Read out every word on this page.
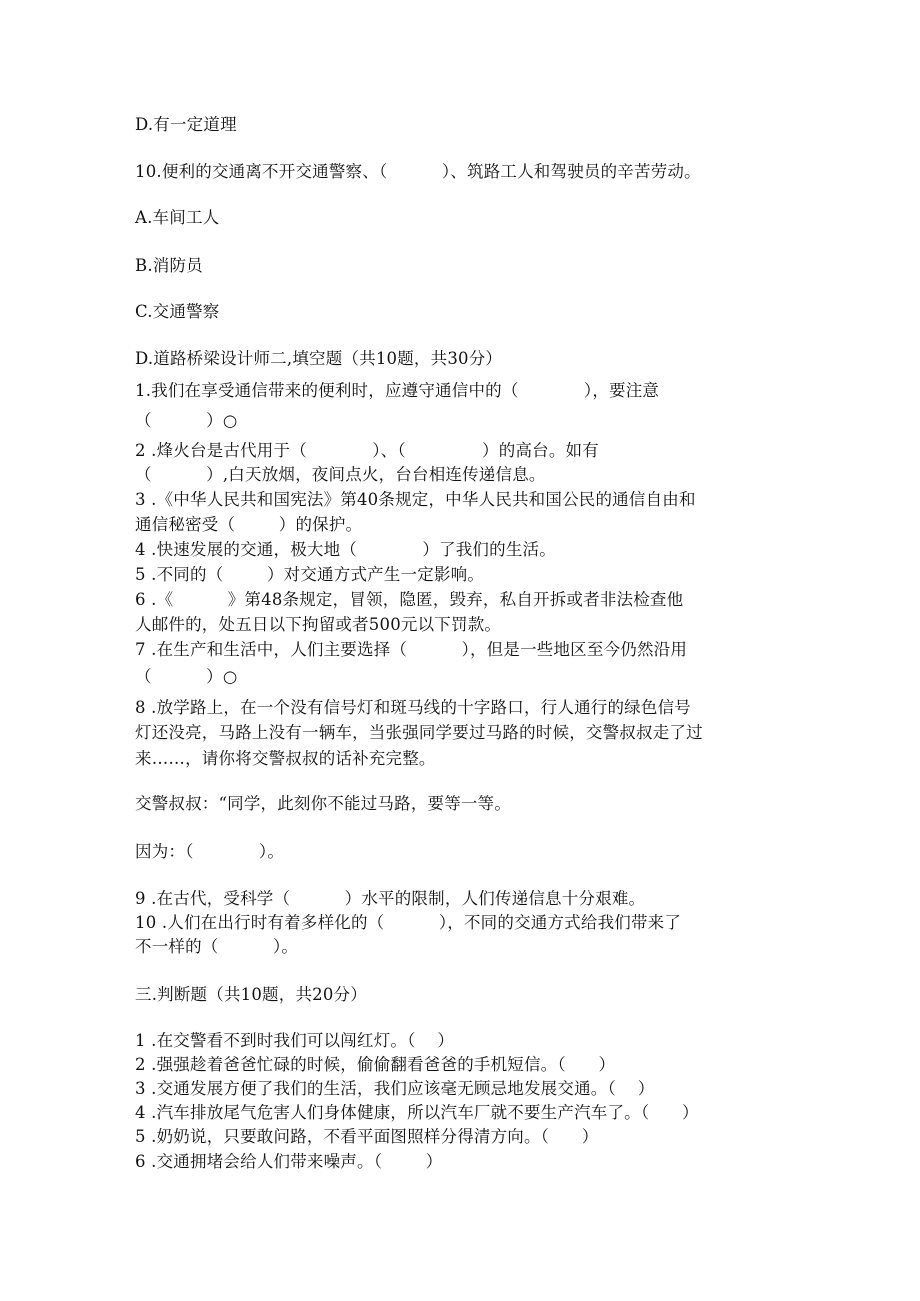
D.有一定道理
10.便利的交通离不开交通警察、（          ）、筑路工人和驾驶员的辛苦劳动。
A.车间工人
B.消防员
C.交通警察
D.道路桥梁设计师二,填空题（共10题，共30分）
1.我们在享受通信带来的便利时，应遵守通信中的（            ），要注意
（          ）○
2 .烽火台是古代用于（            ）、（              ）的高台。如有
（          ）,白天放烟，夜间点火，台台相连传递信息。
3 .《中华人民共和国宪法》第40条规定，中华人民共和国公民的通信自由和
通信秘密受（        ）的保护。
4 .快速发展的交通，极大地（            ）了我们的生活。
5 .不同的（        ）对交通方式产生一定影响。
6 .《          》第48条规定，冒领，隐匿，毁弃，私自开拆或者非法检查他
人邮件的，处五日以下拘留或者500元以下罚款。
7 .在生产和生活中，人们主要选择（          ），但是一些地区至今仍然沿用
（          ）○
8 .放学路上，在一个没有信号灯和斑马线的十字路口，行人通行的绿色信号
灯还没亮，马路上没有一辆车，当张强同学要过马路的时候，交警叔叔走了过
来……，请你将交警叔叔的话补充完整。
交警叔叔：“同学，此刻你不能过马路，要等一等。
因为：（            ）。
9 .在古代，受科学（          ）水平的限制，人们传递信息十分艰难。
10 .人们在出行时有着多样化的（          ），不同的交通方式给我们带来了
不一样的（          ）。
三.判断题（共10题，共20分）
1 .在交警看不到时我们可以闯红灯。（    ）
2 .强强趁着爸爸忙碌的时候，偷偷翻看爸爸的手机短信。（      ）
3 .交通发展方便了我们的生活，我们应该毫无顾忌地发展交通。（    ）
4 .汽车排放尾气危害人们身体健康，所以汽车厂就不要生产汽车了。（      ）
5 .奶奶说，只要敢问路，不看平面图照样分得清方向。（      ）
6 .交通拥堵会给人们带来噪声。（        ）
